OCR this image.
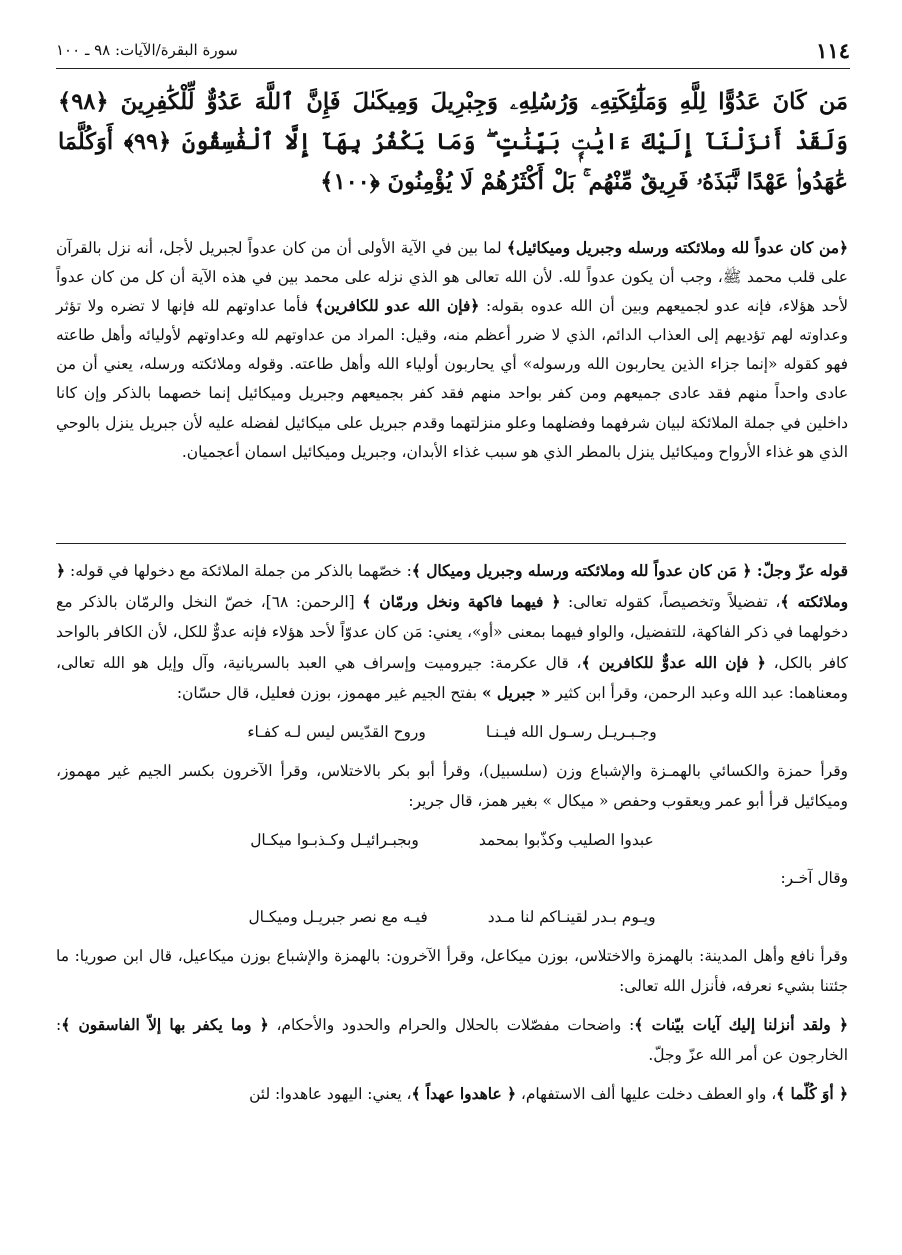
١١٤
سورة البقرة/الآيات: ٩٨ ـ ١٠٠
مَن كَانَ عَدُوًّا لِلَّهِ وَمَلَٰٓئِكَتِهِۦ وَرُسُلِهِۦ وَجِبْرِيلَ وَمِيكَىٰلَ فَإِنَّ ٱللَّهَ عَدُوٌّ لِّلْكَٰفِرِينَ ﴿٩٨﴾ وَلَقَدْ أَنزَلْنَآ إِلَيْكَ ءَايَٰتٍۭ بَيِّنَٰتٍ ۖ وَمَا يَكْفُرُ بِهَآ إِلَّا ٱلْفَٰسِقُونَ ﴿٩٩﴾ أَوَكُلَّمَا عَٰهَدُوا۟ عَهْدًا نَّبَذَهُۥ فَرِيقٌ مِّنْهُم ۚ بَلْ أَكْثَرُهُمْ لَا يُؤْمِنُونَ ﴿١٠٠﴾
﴿من كان عدواً لله وملائكته ورسله وجبريل وميكائيل﴾ لما بين في الآية الأولى أن من كان عدواً لجبريل لأجل، أنه نزل بالقرآن على قلب محمد ﷺ، وجب أن يكون عدواً لله. لأن الله تعالى هو الذي نزله على محمد بين في هذه الآية أن كل من كان عدواً لأحد هؤلاء، فإنه عدو لجميعهم وبين أن الله عدوه بقوله: ﴿فإن الله عدو للكافرين﴾ فأما عداوتهم لله فإنها لا تضره ولا تؤثر وعداوته لهم تؤديهم إلى العذاب الدائم، الذي لا ضرر أعظم منه، وقيل: المراد من عداوتهم لله وعداوتهم لأوليائه وأهل طاعته فهو كقوله «إنما جزاء الذين يحاربون الله ورسوله» أي يحاربون أولياء الله وأهل طاعته. وقوله وملائكته ورسله، يعني أن من عادى واحداً منهم فقد عادى جميعهم ومن كفر بواحد منهم فقد كفر بجميعهم وجبريل وميكائيل إنما خصهما بالذكر وإن كانا داخلين في جملة الملائكة لبيان شرفهما وفضلهما وعلو منزلتهما وقدم جبريل على ميكائيل لفضله عليه لأن جبريل ينزل بالوحي الذي هو غذاء الأرواح وميكائيل ينزل بالمطر الذي هو سبب غذاء الأبدان، وجبريل وميكائيل اسمان أعجميان.

قوله عزّ وجلّ: ﴿ مَن كان عدواً لله وملائكته ورسله وجبريل وميكال ﴾: خصّهما بالذكر من جملة الملائكة مع دخولها في قوله: ﴿ وملائكته ﴾، تفضيلاً وتخصيصاً، كقوله تعالى: ﴿ فيهما فاكهة ونخل ورمّان ﴾ [الرحمن: ٦٨]، خصّ النخل والرمّان بالذكر مع دخولهما في ذكر الفاكهة، للتفضيل، والواو فيهما بمعنى «أو»، يعني: مَن كان عدوّاً لأحد هؤلاء فإنه عدوٌّ للكل، لأن الكافر بالواحد كافر بالكل، ﴿ فإن الله عدوٌّ للكافرين ﴾، قال عكرمة: جيروميت وإسراف هي العبد بالسريانية، وآل وإيل هو الله تعالى، ومعناهما: عبد الله وعبد الرحمن، وقرأ ابن كثير « جبريل » بفتح الجيم غير مهموز، بوزن فعليل، قال حسّان:

وجـبـريـل رسـول الله فيـنـا
وروح القدّيس ليس لـه كفـاء

وقرأ حمزة والكسائي بالهمـزة والإشباع وزن (سلسبيل)، وقرأ أبو بكر بالاختلاس، وقرأ الآخرون بكسر الجيم غير مهموز، وميكائيل قرأ أبو عمر ويعقوب وحفص « ميكال » بغير همز، قال جرير:

عبدوا الصليب وكذّبوا بمحمد
وبجبـرائيـل وكـذبـوا ميكـال

وقال آخـر:

ويـوم بـدر لقينـاكم لنا مـدد
فيـه مع نصر جبريـل وميكـال

وقرأ نافع وأهل المدينة: بالهمزة والاختلاس، بوزن ميكاعل، وقرأ الآخرون: بالهمزة والإشباع بوزن ميكاعيل، قال ابن صوريا: ما جئتنا بشيء نعرفه، فأنزل الله تعالى:

﴿ ولقد أنزلنا إليك آيات بيّنات ﴾: واضحات مفصّلات بالحلال والحرام والحدود والأحكام، ﴿ وما يكفر بها إلاّ الفاسقون ﴾: الخارجون عن أمر الله عزّ وجلّ.

﴿ أوَ كُلّما ﴾، واو العطف دخلت عليها ألف الاستفهام، ﴿ عاهدوا عهداً ﴾، يعني: اليهود عاهدوا: لئن
